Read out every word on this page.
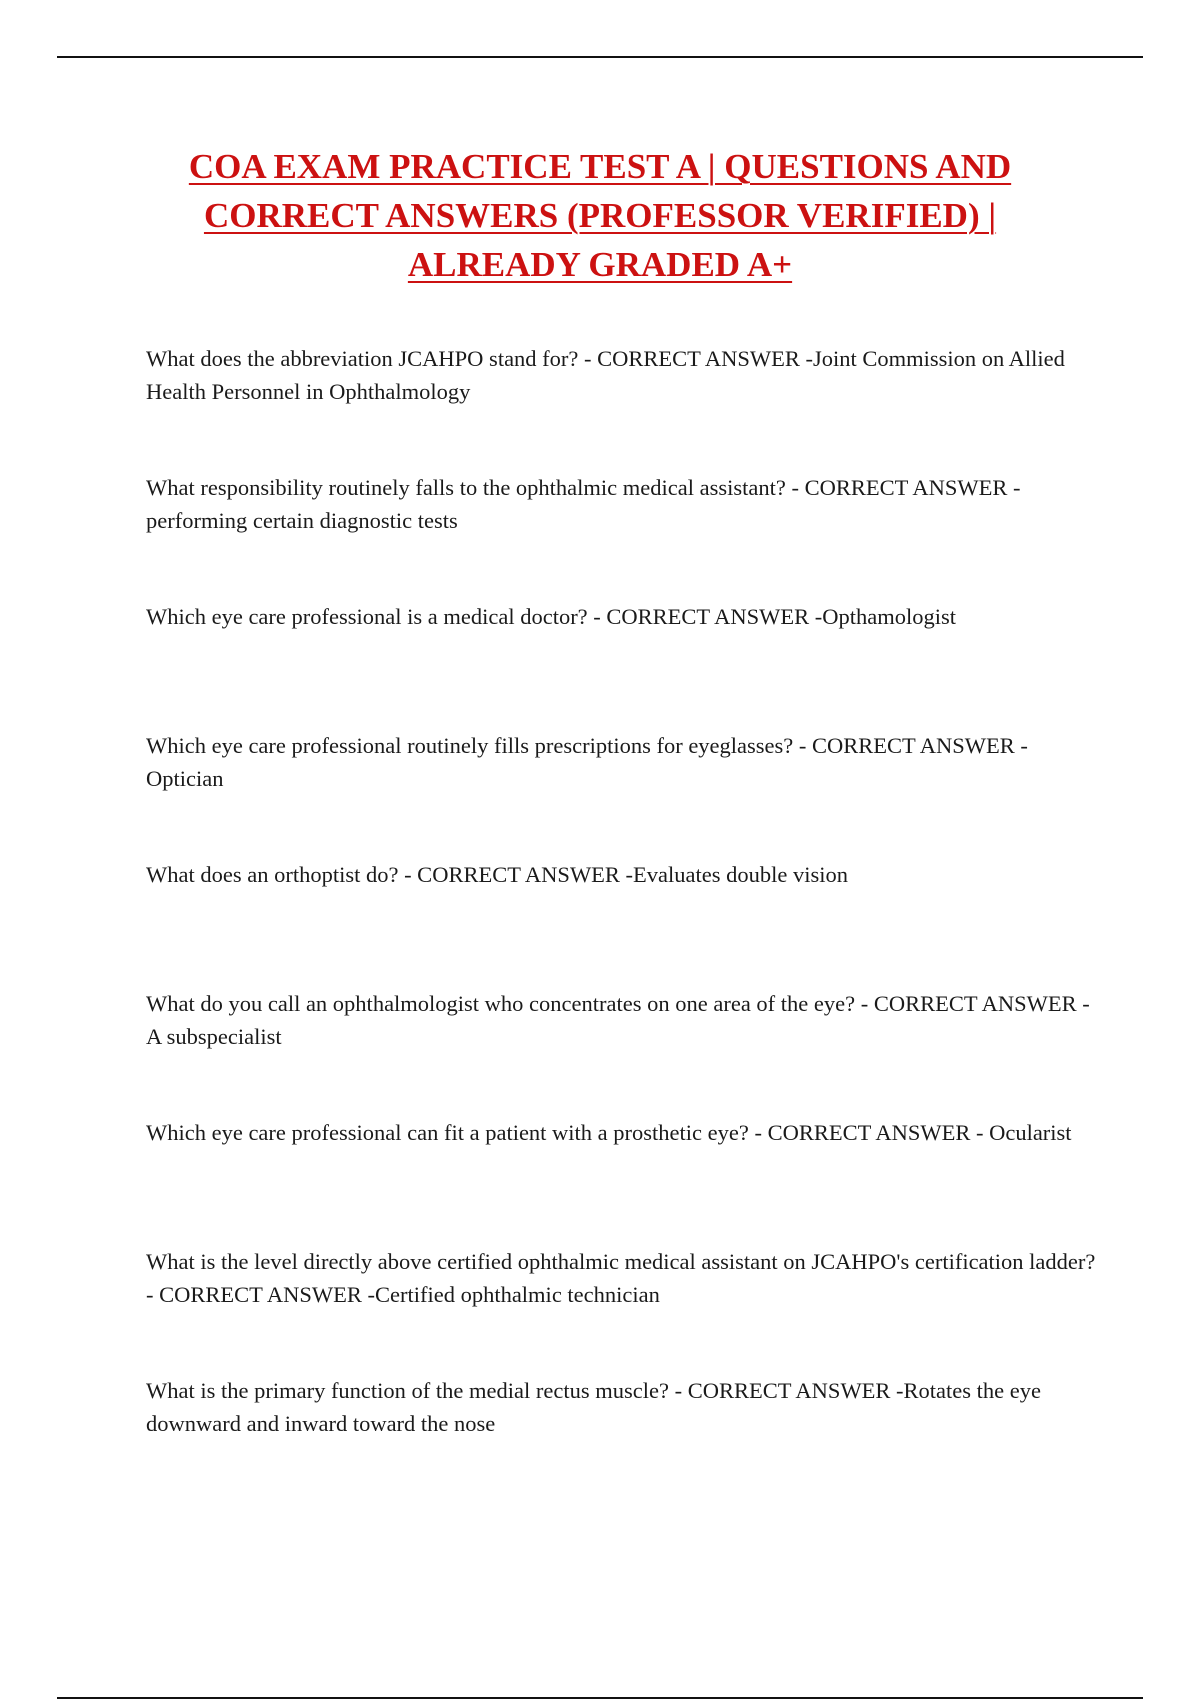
COA EXAM PRACTICE TEST A | QUESTIONS AND
CORRECT ANSWERS (PROFESSOR VERIFIED) |
ALREADY GRADED A+
What does the abbreviation JCAHPO stand for? - CORRECT ANSWER -Joint Commission on Allied Health Personnel in Ophthalmology
What responsibility routinely falls to the ophthalmic medical assistant? - CORRECT ANSWER - performing certain diagnostic tests
Which eye care professional is a medical doctor? - CORRECT ANSWER -Opthamologist
Which eye care professional routinely fills prescriptions for eyeglasses? - CORRECT ANSWER -Optician
What does an orthoptist do? - CORRECT ANSWER -Evaluates double vision
What do you call an ophthalmologist who concentrates on one area of the eye? - CORRECT ANSWER -A subspecialist
Which eye care professional can fit a patient with a prosthetic eye? - CORRECT ANSWER - Ocularist
What is the level directly above certified ophthalmic medical assistant on JCAHPO's certification ladder? - CORRECT ANSWER -Certified ophthalmic technician
What is the primary function of the medial rectus muscle? - CORRECT ANSWER -Rotates the eye downward and inward toward the nose
